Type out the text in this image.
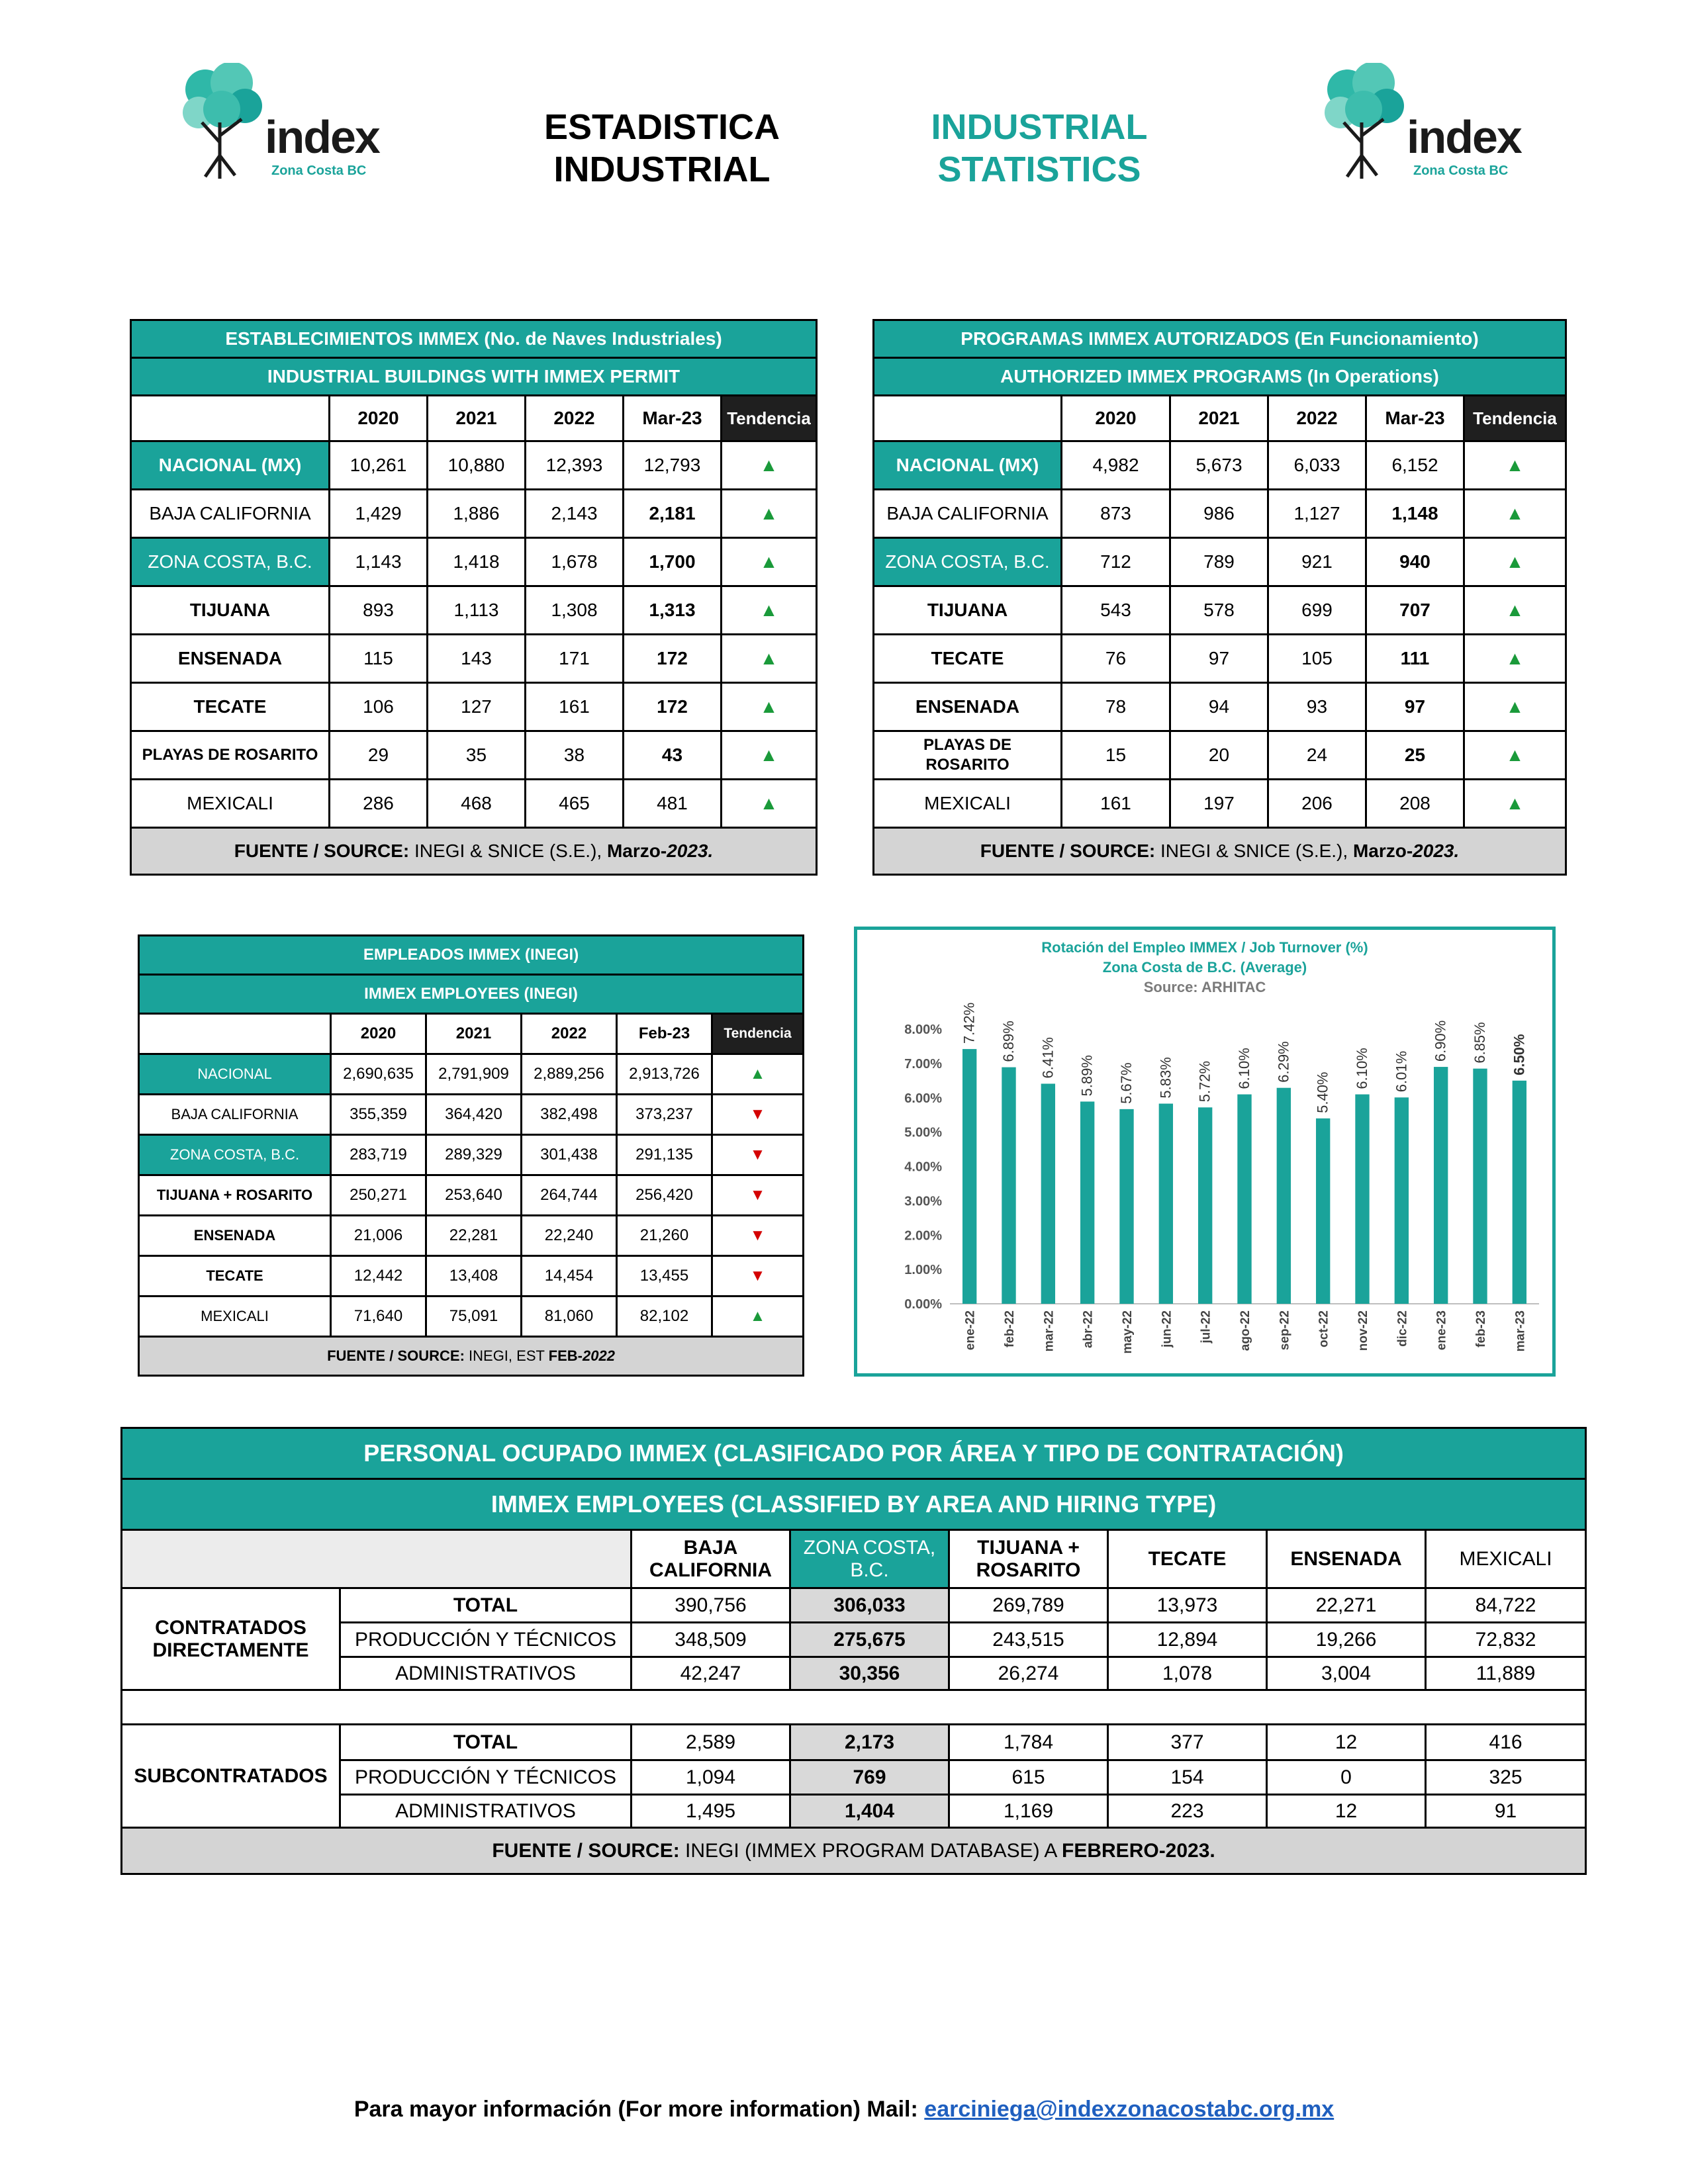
index
Zona Costa BC
index
Zona Costa BC
ESTADISTICA
INDUSTRIAL
INDUSTRIAL
STATISTICS
ESTABLECIMIENTOS IMMEX (No. de Naves Industriales)					
INDUSTRIAL BUILDINGS WITH IMMEX PERMIT					
	2020	2021	2022	Mar-23	Tendencia
NACIONAL (MX)	10,261	10,880	12,393	12,793	▲
BAJA CALIFORNIA	1,429	1,886	2,143	2,181	▲
ZONA COSTA, B.C.	1,143	1,418	1,678	1,700	▲
TIJUANA	893	1,113	1,308	1,313	▲
ENSENADA	115	143	171	172	▲
TECATE	106	127	161	172	▲
PLAYAS DE ROSARITO	29	35	38	43	▲
MEXICALI	286	468	465	481	▲
FUENTE / SOURCE: INEGI & SNICE (S.E.), Marzo-2023.					
PROGRAMAS IMMEX AUTORIZADOS (En Funcionamiento)					
AUTHORIZED IMMEX PROGRAMS (In Operations)					
	2020	2021	2022	Mar-23	Tendencia
NACIONAL (MX)	4,982	5,673	6,033	6,152	▲
BAJA CALIFORNIA	873	986	1,127	1,148	▲
ZONA COSTA, B.C.	712	789	921	940	▲
TIJUANA	543	578	699	707	▲
TECATE	76	97	105	111	▲
ENSENADA	78	94	93	97	▲
PLAYAS DE ROSARITO	15	20	24	25	▲
MEXICALI	161	197	206	208	▲
FUENTE / SOURCE: INEGI & SNICE (S.E.), Marzo-2023.					
EMPLEADOS IMMEX (INEGI)					
IMMEX EMPLOYEES (INEGI)					
	2020	2021	2022	Feb-23	Tendencia
NACIONAL	2,690,635	2,791,909	2,889,256	2,913,726	▲
BAJA CALIFORNIA	355,359	364,420	382,498	373,237	▼
ZONA COSTA, B.C.	283,719	289,329	301,438	291,135	▼
TIJUANA + ROSARITO	250,271	253,640	264,744	256,420	▼
ENSENADA	21,006	22,281	22,240	21,260	▼
TECATE	12,442	13,408	14,454	13,455	▼
MEXICALI	71,640	75,091	81,060	82,102	▲
FUENTE / SOURCE: INEGI, EST FEB-2022					
Rotación del Empleo IMMEX / Job Turnover (%)
Zona Costa de B.C. (Average)
Source: ARHITAC
0.00%
1.00%
2.00%
3.00%
4.00%
5.00%
6.00%
7.00%
8.00% 7.42%
ene-22
6.89%
feb-22
6.41%
mar-22
5.89%
abr-22
5.67%
may-22
5.83%
jun-22
5.72%
jul-22
6.10%
ago-22
6.29%
sep-22
5.40%
oct-22
6.10%
nov-22
6.01%
dic-22
6.90%
ene-23
6.85%
feb-23
6.50%
mar-23
PERSONAL OCUPADO IMMEX (CLASIFICADO POR ÁREA Y TIPO DE CONTRATACIÓN)							
IMMEX EMPLOYEES (CLASSIFIED BY AREA AND HIRING TYPE)							
		BAJA CALIFORNIA	ZONA COSTA, B.C.	TIJUANA + ROSARITO	TECATE	ENSENADA	MEXICALI
CONTRATADOS DIRECTAMENTE	TOTAL	390,756	306,033	269,789	13,973	22,271	84,722
	PRODUCCIÓN Y TÉCNICOS	348,509	275,675	243,515	12,894	19,266	72,832
	ADMINISTRATIVOS	42,247	30,356	26,274	1,078	3,004	11,889

SUBCONTRATADOS	TOTAL	2,589	2,173	1,784	377	12	416
	PRODUCCIÓN Y TÉCNICOS	1,094	769	615	154	0	325
	ADMINISTRATIVOS	1,495	1,404	1,169	223	12	91
FUENTE / SOURCE: INEGI (IMMEX PROGRAM DATABASE) A FEBRERO-2023.							
Para mayor información (For more information) Mail: earciniega@indexzonacostabc.org.mx
